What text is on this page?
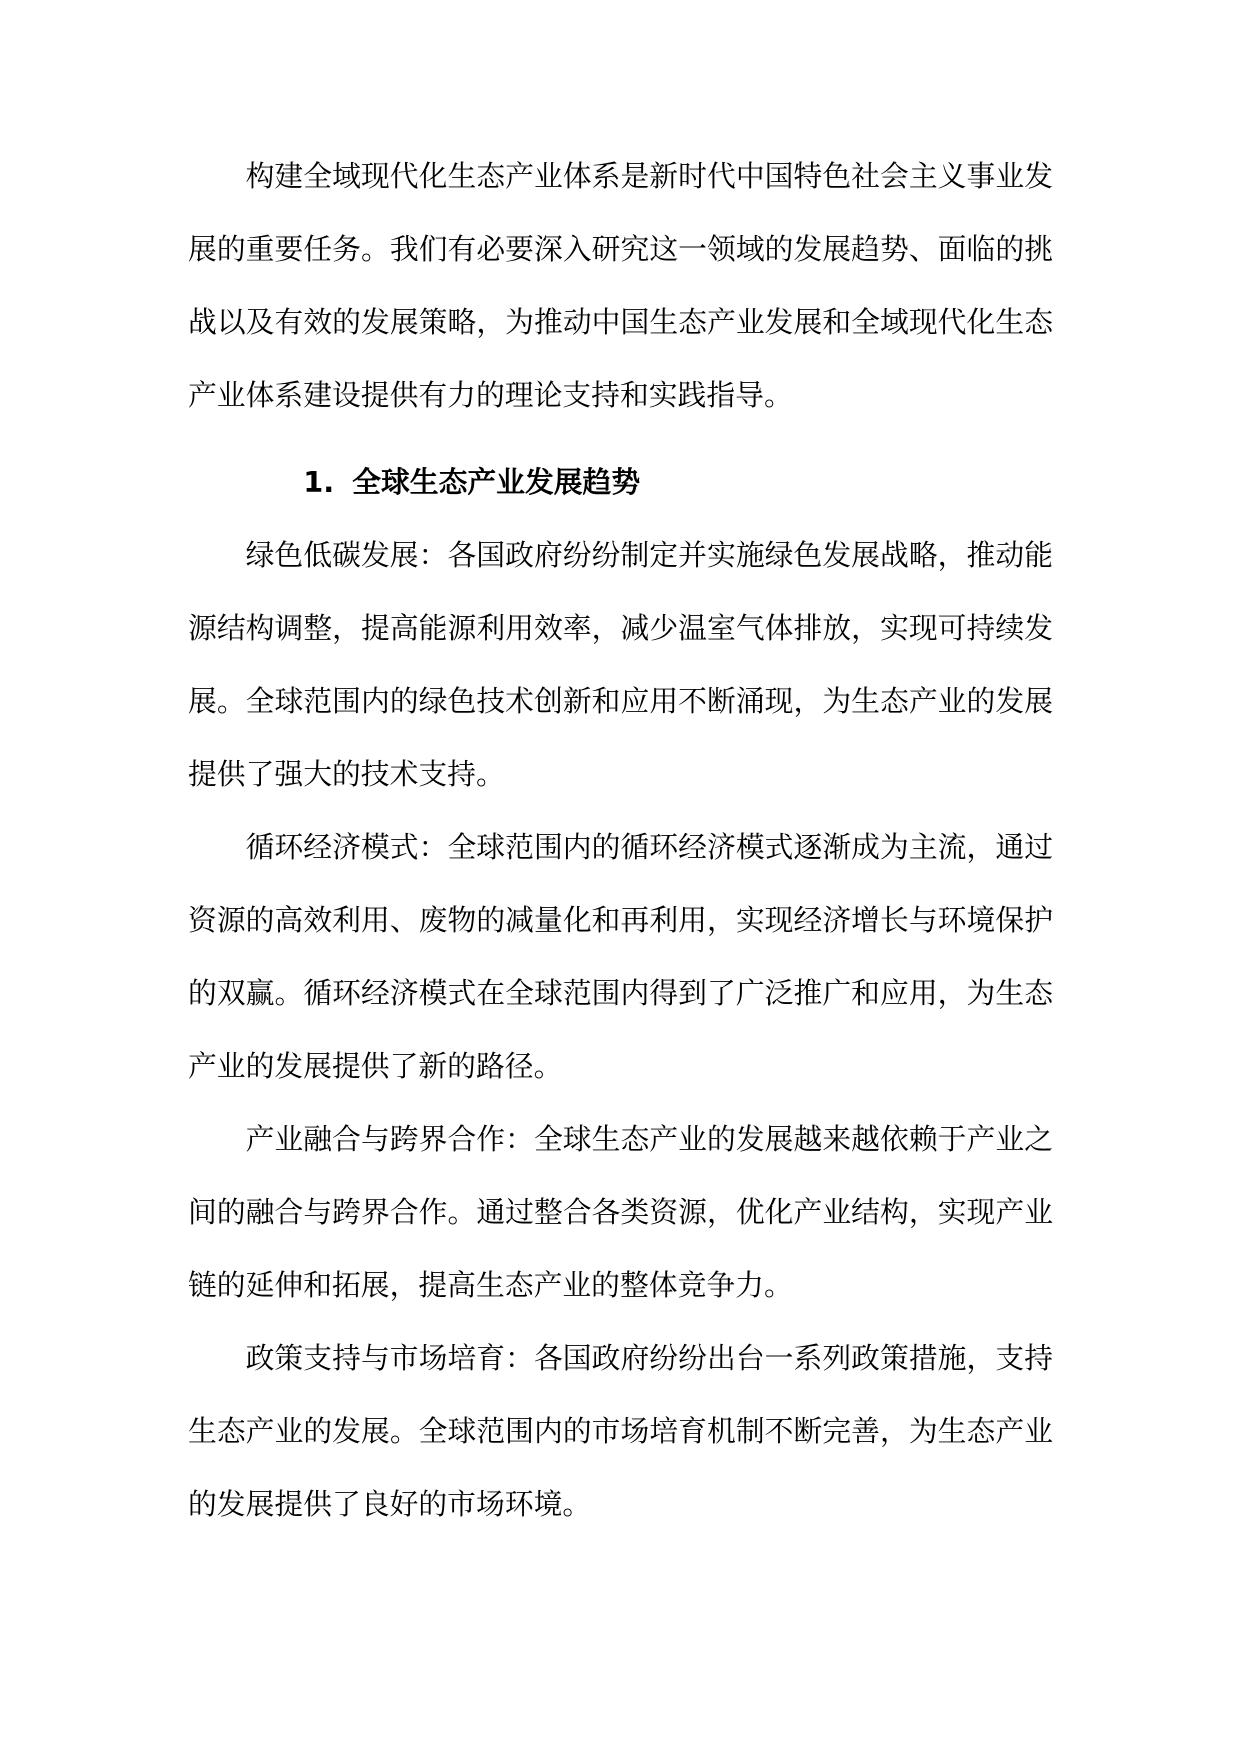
构建全域现代化生态产业体系是新时代中国特色社会主义事业发展的重要任务。我们有必要深入研究这一领域的发展趋势、面临的挑战以及有效的发展策略，为推动中国生态产业发展和全域现代化生态产业体系建设提供有力的理论支持和实践指导。

1. 全球生态产业发展趋势

绿色低碳发展：各国政府纷纷制定并实施绿色发展战略，推动能源结构调整，提高能源利用效率，减少温室气体排放，实现可持续发展。全球范围内的绿色技术创新和应用不断涌现，为生态产业的发展提供了强大的技术支持。

循环经济模式：全球范围内的循环经济模式逐渐成为主流，通过资源的高效利用、废物的减量化和再利用，实现经济增长与环境保护的双赢。循环经济模式在全球范围内得到了广泛推广和应用，为生态产业的发展提供了新的路径。

产业融合与跨界合作：全球生态产业的发展越来越依赖于产业之间的融合与跨界合作。通过整合各类资源，优化产业结构，实现产业链的延伸和拓展，提高生态产业的整体竞争力。

政策支持与市场培育：各国政府纷纷出台一系列政策措施，支持生态产业的发展。全球范围内的市场培育机制不断完善，为生态产业的发展提供了良好的市场环境。
